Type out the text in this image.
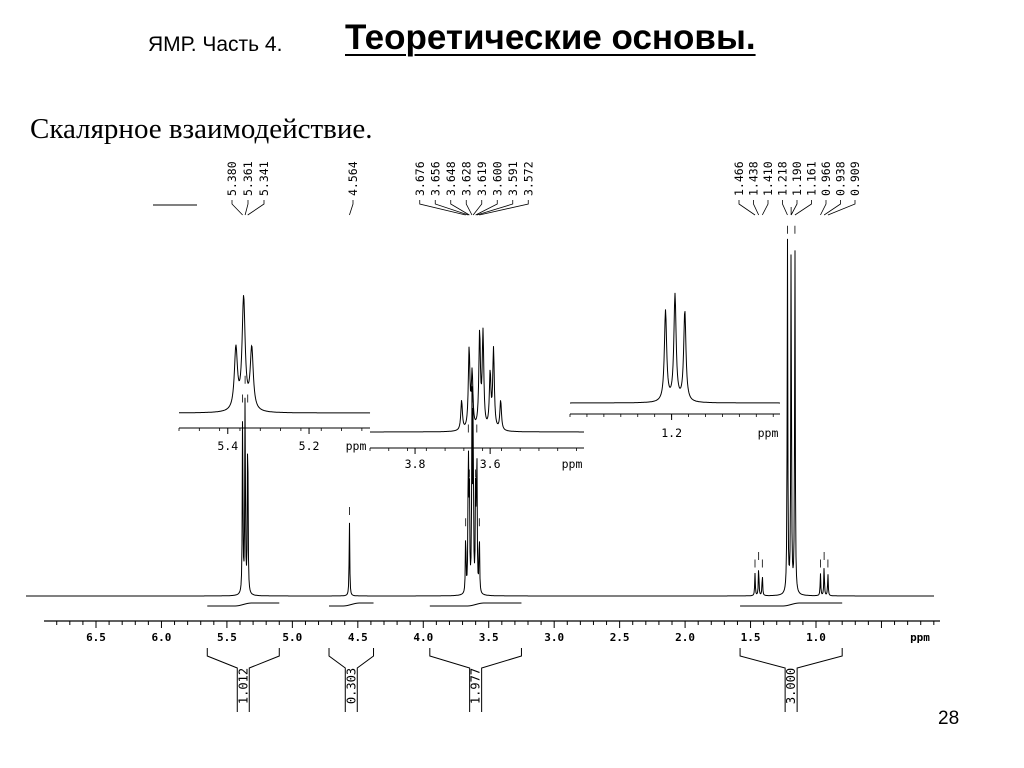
ЯМР. Часть 4. Теоретические основы.
Скалярное взаимодействие.
28
6.5	6.0	5.5	5.0	4.5	4.0	3.5	3.0	2.5	2.0	1.5	1.0	ppm
1.012	0.303	1.977	3.000
5.380 5.361 5.341	4.564	3.676 3.656 3.648 3.628 3.619 3.600 3.591 3.572	1.466 1.438 1.410 1.218 1.190 1.161 0.966 0.938 0.909
5.4	5.2 ppm
3.8	3.6	ppm
1.2	ppm
